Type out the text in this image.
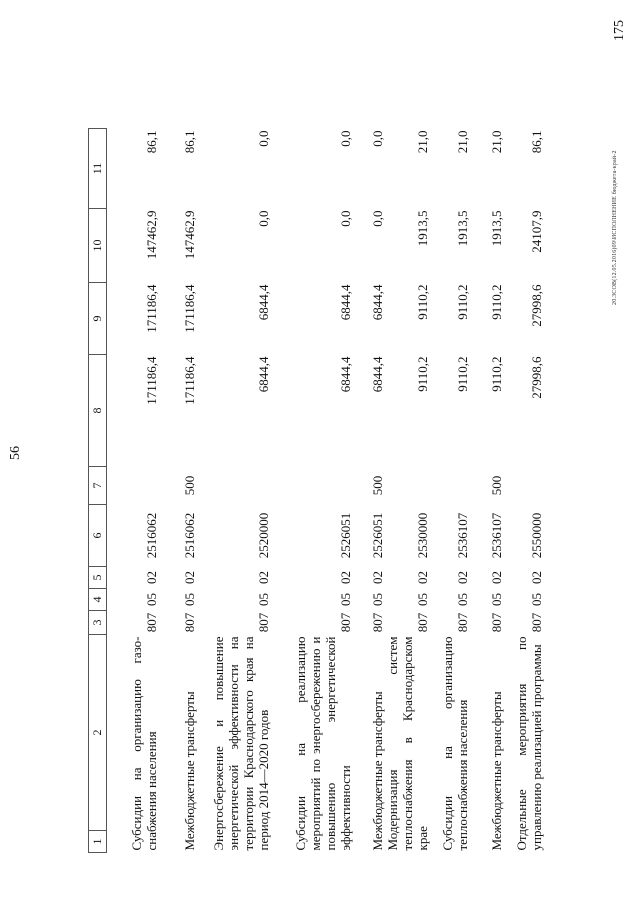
56
1	2	3	4	5	6	7	8	9	10	11
Субсидии на организацию газо-снабжения населения		807	05	02	2516062		171186,4	171186,4	147462,9	86,1
Межбюджетные трансферты		807	05	02	2516062	500	171186,4	171186,4	147462,9	86,1
Энергосбережение и повышение энергетической эффективности на территории Краснодарского края на период 2014—2020 годов		807	05	02	2520000		6844,4	6844,4	0,0	0,0
Субсидии на реализацию мероприятий по энергосбережению и повышению энергетической эффективности		807	05	02	2526051		6844,4	6844,4	0,0	0,0
Межбюджетные трансферты		807	05	02	2526051	500	6844,4	6844,4	0,0	0,0
Модернизация систем теплоснабжения в Краснодарском крае		807	05	02	2530000		9110,2	9110,2	1913,5	21,0
Субсидии на организацию теплоснабжения населения		807	05	02	2536107		9110,2	9110,2	1913,5	21,0
Межбюджетные трансферты		807	05	02	2536107	500	9110,2	9110,2	1913,5	21,0
Отдельные мероприятия по управлению реализацией программы		807	05	02	2550000		27998,6	27998,6	24107,9	86,1
175
20.3СОВ(12.05.2016)09\ИСПОЛНЕНИЕ бюджета-край-2
